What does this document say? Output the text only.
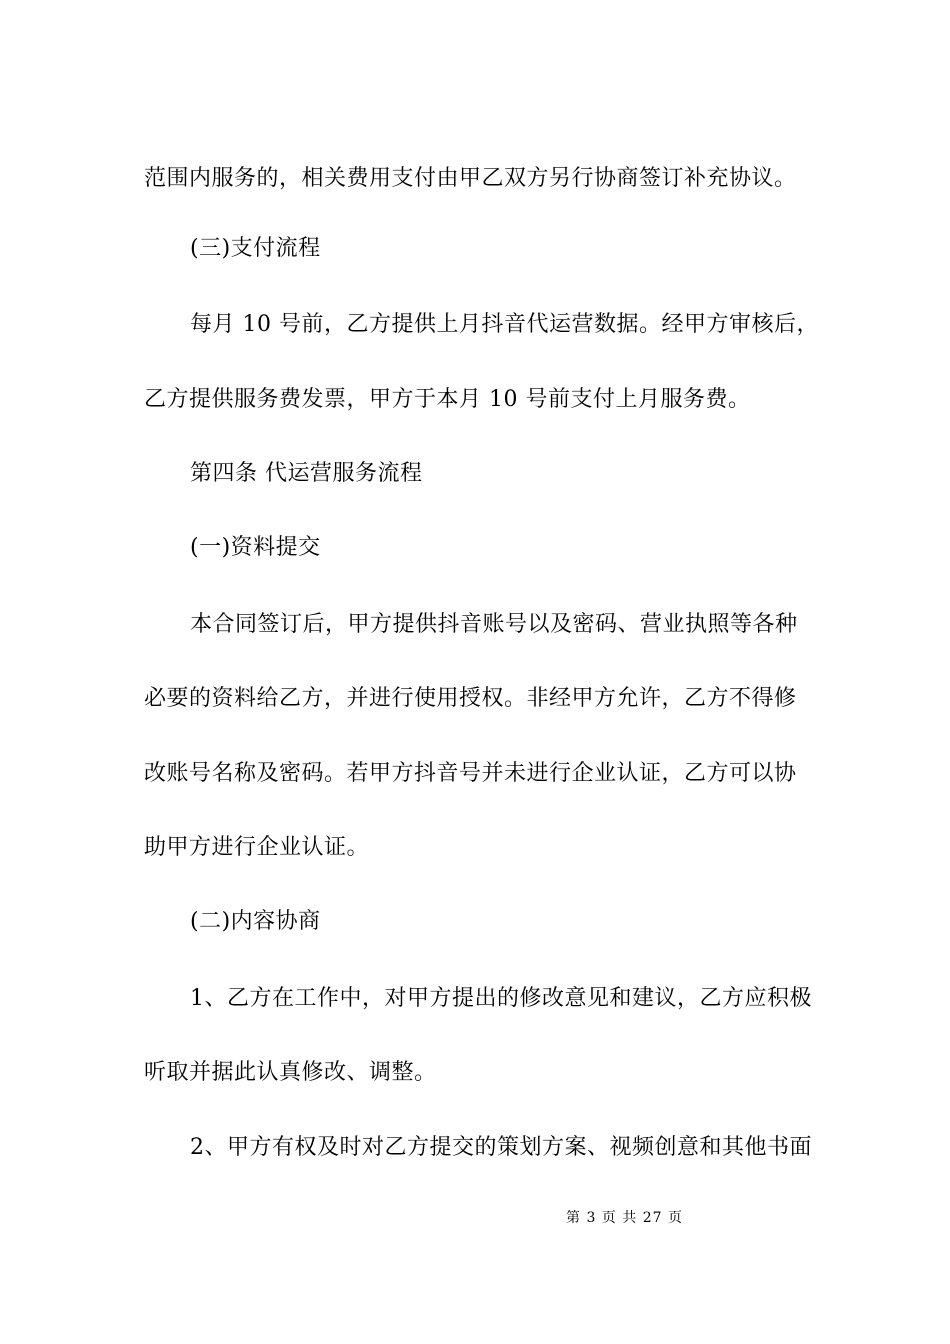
范围内服务的，相关费用支付由甲乙双方另行协商签订补充协议。

(三)支付流程

每月 10 号前，乙方提供上月抖音代运营数据。经甲方审核后，

乙方提供服务费发票，甲方于本月 10 号前支付上月服务费。

第四条 代运营服务流程

(一)资料提交

本合同签订后，甲方提供抖音账号以及密码、营业执照等各种

必要的资料给乙方，并进行使用授权。非经甲方允许，乙方不得修

改账号名称及密码。若甲方抖音号并未进行企业认证，乙方可以协

助甲方进行企业认证。

(二)内容协商

1、乙方在工作中，对甲方提出的修改意见和建议，乙方应积极

听取并据此认真修改、调整。

2、甲方有权及时对乙方提交的策划方案、视频创意和其他书面

第 3 页 共 27 页
